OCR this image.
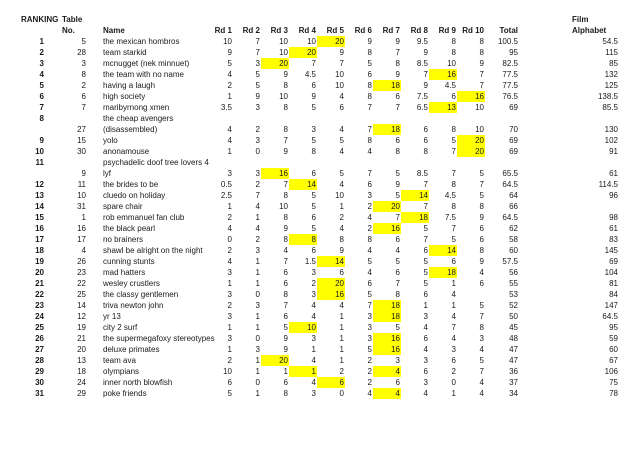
RANKING Table	Film
No.	Name	Rd 1	Rd 2	Rd 3	Rd 4	Rd 5	Rd 6	Rd 7	Rd 8	Rd 9 Rd 10	Total	Alphabet
1	5	the mexican hombros	10	7	10	10	20	9	9	9.5	8	8	100.5	54.5
2	28	team starkid	9	7	10	20	9	8	7	9	8	8	95	115
3	3	mcnugget (nek minnuet)	5	3	20	7	7	5	8	8.5	10	9	82.5	85
4	8	the team with no name	4	5	9	4.5	10	6	9	7	16	7	77.5	132
5	2	having a laugh	2	5	8	6	10	8	18	9	4.5	7	77.5	125
6	6	high society	1	9	10	9	4	8	6	7.5	6	16	76.5	138.5
7	7	maribyrnong xmen	3.5	3	8	5	6	7	7	6.5	13	10	69	85.5
8	the cheap avengers
27	(disassembled)	4	2	8	3	4	7	18	6	8	10	70	130
9	15	yolo	4	3	7	5	5	8	6	6	5	20	69	102
10	30	anonamouse	1	0	9	8	4	4	8	8	7	20	69	91
11	psychadelic doof tree lovers 4
9	lyf	3	3	16	6	5	7	5	8.5	7	5	65.5	61
12	11	the brides to be	0.5	2	7	14	4	6	9	7	8	7	64.5	114.5
13	10	cluedo on holiday	2.5	7	8	5	10	3	5	14	4.5	5	64	96
14	31	spare chair	1	4	10	5	1	2	20	7	8	8	66
15	1	rob emmanuel fan club	2	1	8	6	2	4	7	18	7.5	9	64.5	98
16	16	the black pearl	4	4	9	5	4	2	16	5	7	6	62	61
17	17	no brainers	0	2	8	8	8	8	6	7	5	6	58	83
18	4	shawl be alright on the night	2	3	4	6	9	4	4	6	14	8	60	145
19	26	cunning stunts	4	1	7	1.5	14	5	5	5	6	9	57.5	69
20	23	mad hatters	3	1	6	3	6	4	6	5	18	4	56	104
21	22	wesley crustlers	1	1	6	2	20	6	7	5	1	6	55	81
22	25	the classy gentlemen	3	0	8	3	16	5	8	6	4	53	84
23	14	triva newton john	2	3	7	4	4	7	18	1	1	5	52	147
24	12	yr 13	3	1	6	4	1	3	18	3	4	7	50	64.5
25	19	city 2 surf	1	1	5	10	1	3	5	4	7	8	45	95
26	21	the supermegafoxy stereotypes	3	0	9	3	1	3	16	6	4	3	48	59
27	20	deluxe primates	1	3	9	1	1	5	16	4	3	4	47	60
28	13	team ava	2	1	20	4	1	2	3	3	6	5	47	67
29	18	olympians	10	1	1	1	2	2	4	6	2	7	36	106
30	24	inner north blowfish	6	0	6	4	6	2	6	3	0	4	37	75
31	29	poke friends	5	1	8	3	0	4	4	4	1	4	34	78
